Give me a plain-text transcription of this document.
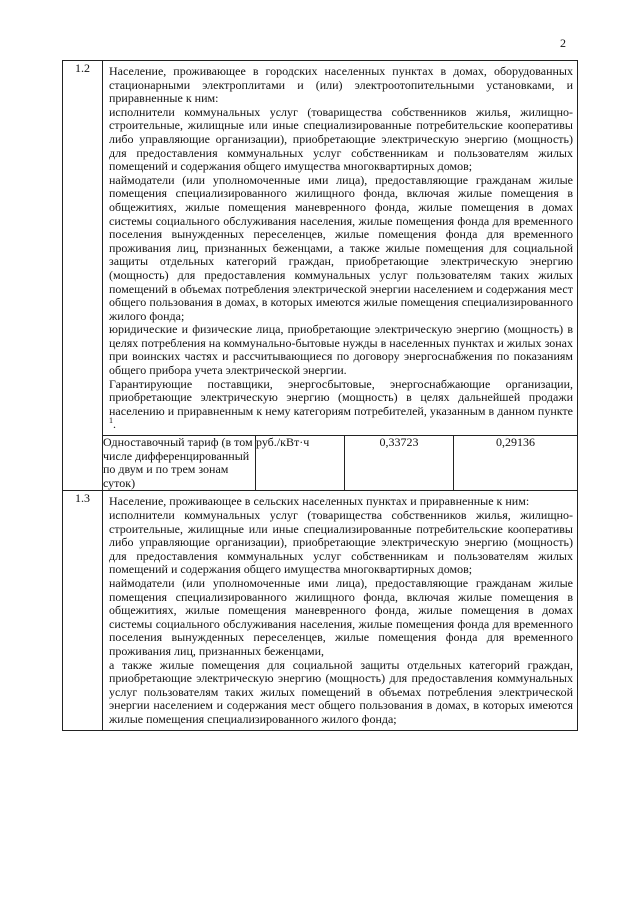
2
1.2	Население, проживающее в городских населенных пунктах в домах, оборудованных стационарными электроплитами и (или) электроотопительными установками, и приравненные к ним:

исполнители коммунальных услуг (товарищества собственников жилья, жилищно-строительные, жилищные или иные специализированные потребительские кооперативы либо управляющие организации), приобретающие электрическую энергию (мощность) для предоставления коммунальных услуг собственникам и пользователям жилых помещений и содержания общего имущества многоквартирных домов;

наймодатели (или уполномоченные ими лица), предоставляющие гражданам жилые помещения специализированного жилищного фонда, включая жилые помещения в общежитиях, жилые помещения маневренного фонда, жилые помещения в домах системы социального обслуживания населения, жилые помещения фонда для временного поселения вынужденных переселенцев, жилые помещения фонда для временного проживания лиц, признанных беженцами, а также жилые помещения для социальной защиты отдельных категорий граждан, приобретающие электрическую энергию (мощность) для предоставления коммунальных услуг пользователям таких жилых помещений в объемах потребления электрической энергии населением и содержания мест общего пользования в домах, в которых имеются жилые помещения специализированного жилого фонда;

юридические и физические лица, приобретающие электрическую энергию (мощность) в целях потребления на коммунально-бытовые нужды в населенных пунктах и жилых зонах при воинских частях и рассчитывающиеся по договору энергоснабжения по показаниям общего прибора учета электрической энергии.

Гарантирующие поставщики, энергосбытовые, энергоснабжающие организации, приобретающие электрическую энергию (мощность) в целях дальнейшей продажи населению и приравненным к нему категориям потребителей, указанным в данном пункте $^1$.

Одноставочный тариф (в том числе дифференцированный по двум и по трем зонам суток)	руб./кВт·ч	0,33723	0,29136

1.3	Население, проживающее в сельских населенных пунктах и приравненные к ним:

исполнители коммунальных услуг (товарищества собственников жилья, жилищно-строительные, жилищные или иные специализированные потребительские кооперативы либо управляющие организации), приобретающие электрическую энергию (мощность) для предоставления коммунальных услуг собственникам и пользователям жилых помещений и содержания общего имущества многоквартирных домов;

наймодатели (или уполномоченные ими лица), предоставляющие гражданам жилые помещения специализированного жилищного фонда, включая жилые помещения в общежитиях, жилые помещения маневренного фонда, жилые помещения в домах системы социального обслуживания населения, жилые помещения фонда для временного поселения вынужденных переселенцев, жилые помещения фонда для временного проживания лиц, признанных беженцами,

а также жилые помещения для социальной защиты отдельных категорий граждан, приобретающие электрическую энергию (мощность) для предоставления коммунальных услуг пользователям таких жилых помещений в объемах потребления электрической энергии населением и содержания мест общего пользования в домах, в которых имеются жилые помещения специализированного жилого фонда;
